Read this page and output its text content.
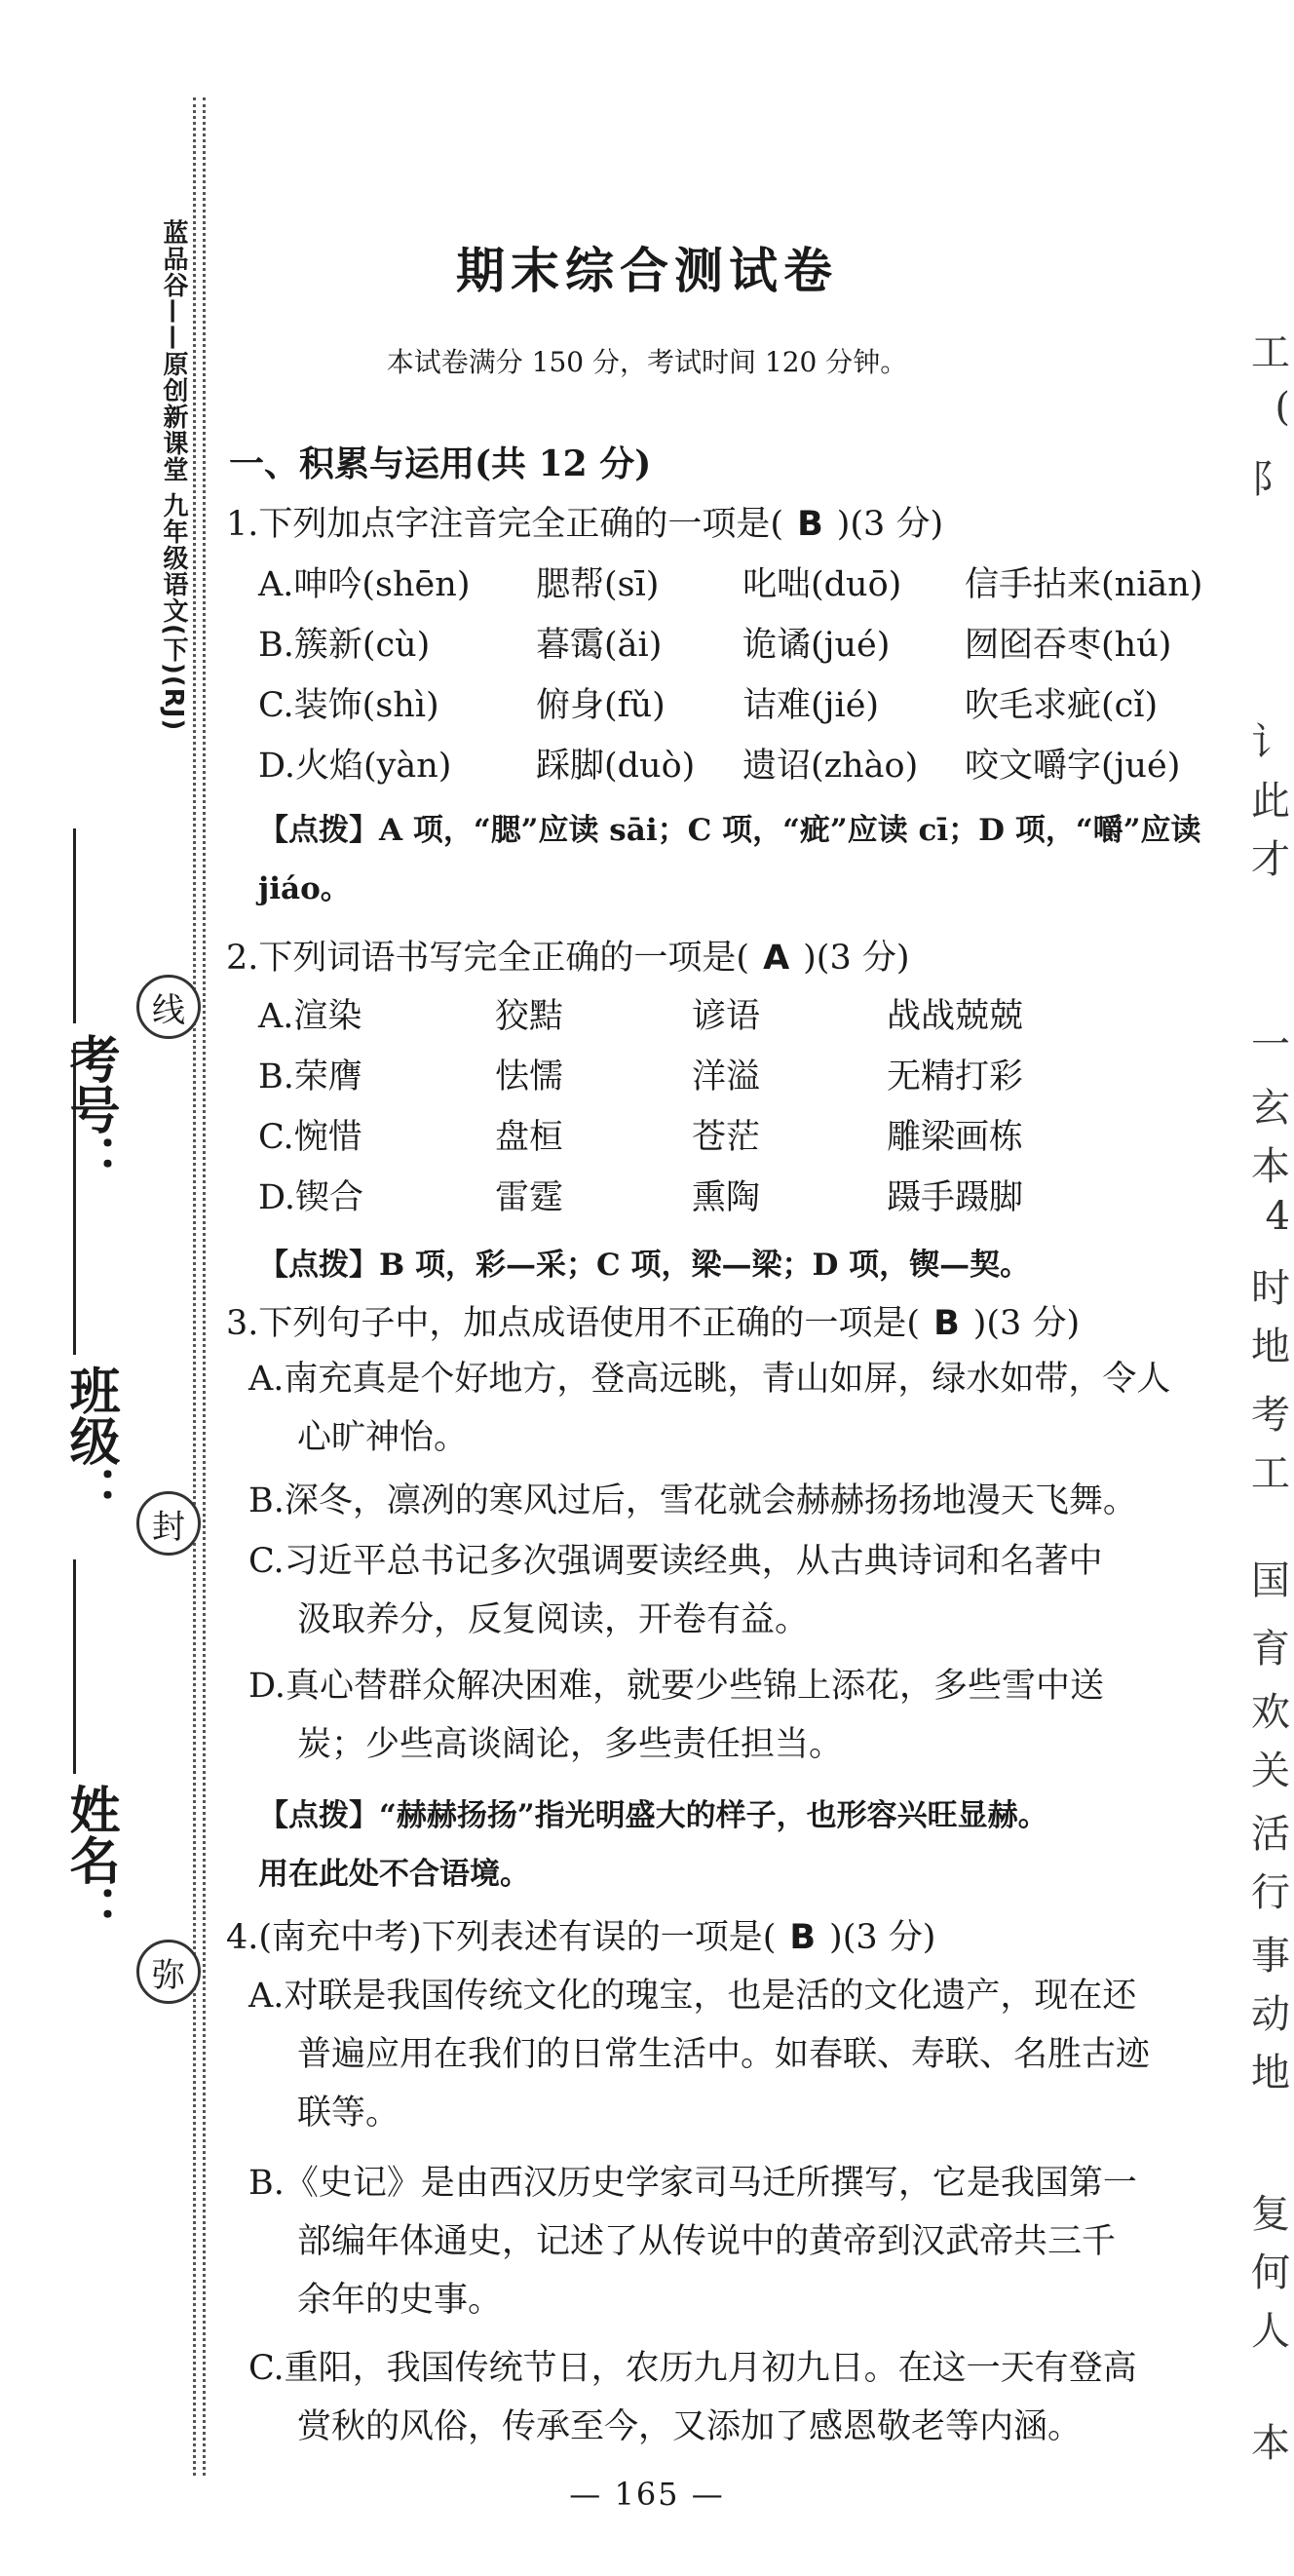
蓝品谷——原创新课堂 九年级语文(下)(RJ)
姓名：
班级：
考号：
弥
封
线
工
(
阝
讠
此
才
一
玄
本
4
时
地
考
工
国
育
欢
关
活
行
事
动
地
复
何
人
本
期末综合测试卷
本试卷满分 150 分，考试时间 120 分钟。
一、积累与运用(共 12 分)
1.下列加点字注音完全正确的一项是( B )(3 分)
A.呻吟(shēn) 腮帮(sī) 叱咄(duō) 信手拈来(niān)
B.簇新(cù)	暮霭(ǎi) 诡谲(jué) 囫囵吞枣(hú)
C.装饰(shì)	俯身(fǔ) 诘难(jié)	吹毛求疵(cǐ)
D.火焰(yàn) 踩脚(duò) 遗诏(zhào) 咬文嚼字(jué)
【点拨】A 项，“腮”应读 sāi；C 项，“疵”应读 cī；D 项，“嚼”应读 jiáo。
2.下列词语书写完全正确的一项是( A )(3 分)
A.渲染	狡黠	谚语	战战兢兢
B.荣膺	怯懦	洋溢	无精打彩
C.惋惜	盘桓	苍茫	雕梁画栋
D.锲合	雷霆	熏陶	蹑手蹑脚
【点拨】B 项，彩—采；C 项，梁—梁；D 项，锲—契。
3.下列句子中，加点成语使用不正确的一项是( B )(3 分)
A.南充真是个好地方，登高远眺，青山如屏，绿水如带，令人
心旷神怡。
B.深冬，凛冽的寒风过后，雪花就会赫赫扬扬地漫天飞舞。
C.习近平总书记多次强调要读经典，从古典诗词和名著中
汲取养分，反复阅读，开卷有益。
D.真心替群众解决困难，就要少些锦上添花，多些雪中送
炭；少些高谈阔论，多些责任担当。
【点拨】“赫赫扬扬”指光明盛大的样子，也形容兴旺显赫。
用在此处不合语境。
4.(南充中考)下列表述有误的一项是( B )(3 分)
A.对联是我国传统文化的瑰宝，也是活的文化遗产，现在还
普遍应用在我们的日常生活中。如春联、寿联、名胜古迹
联等。
B.《史记》是由西汉历史学家司马迁所撰写，它是我国第一
部编年体通史，记述了从传说中的黄帝到汉武帝共三千
余年的史事。
C.重阳，我国传统节日，农历九月初九日。在这一天有登高
赏秋的风俗，传承至今，又添加了感恩敬老等内涵。
— 165 —
